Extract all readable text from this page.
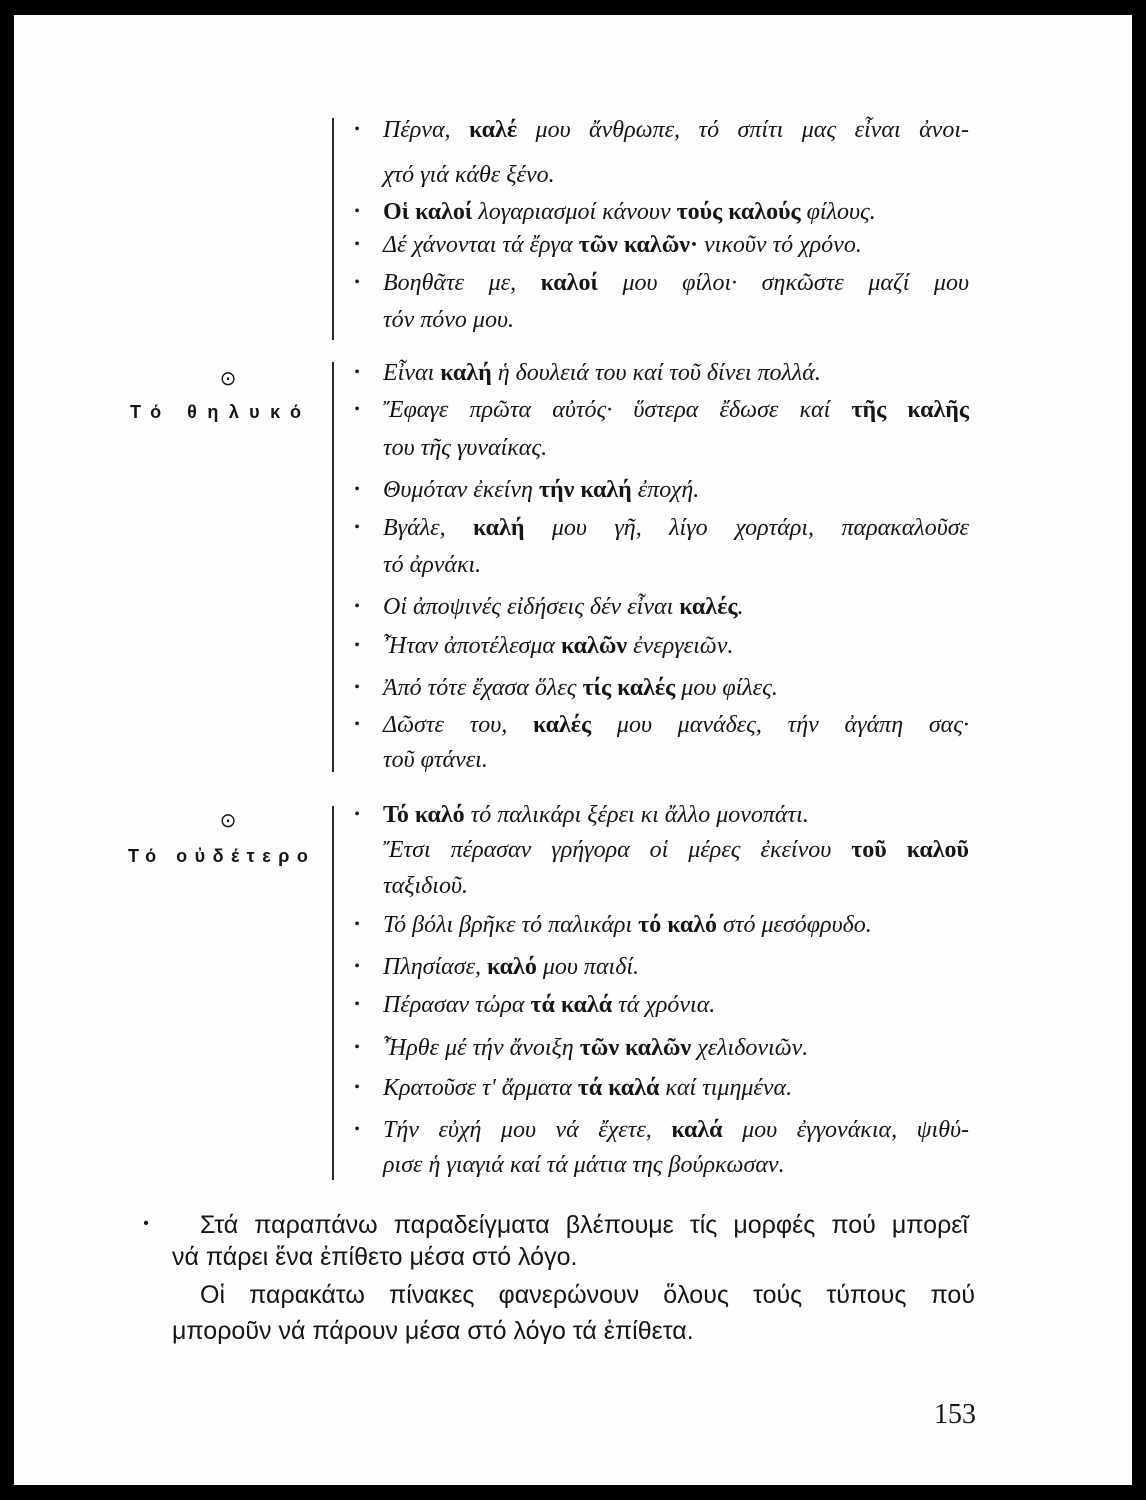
⊙
Τό θηλυκό
⊙
Τό οὐδέτερο
• Πέρνα, καλέ μου ἄνθρωπε, τό σπίτι μας εἶναι ἀνοι-
χτό γιά κάθε ξένο.
• Οἱ καλοί λογαριασμοί κάνουν τούς καλούς φίλους.
• Δέ χάνονται τά ἔργα τῶν καλῶν· νικοῦν τό χρόνο.
• Βοηθᾶτε με, καλοί μου φίλοι· σηκῶστε μαζί μου
τόν πόνο μου.
• Εἶναι καλή ἡ δουλειά του καί τοῦ δίνει πολλά.
• Ἔφαγε πρῶτα αὐτός· ὕστερα ἔδωσε καί τῆς καλῆς
του τῆς γυναίκας.
• Θυμόταν ἐκείνη τήν καλή ἐποχή.
• Βγάλε, καλή μου γῆ, λίγο χορτάρι, παρακαλοῦσε
τό ἀρνάκι.
• Οἱ ἀποψινές εἰδήσεις δέν εἶναι καλές.
• Ἦταν ἀποτέλεσμα καλῶν ἐνεργειῶν.
• Ἀπό τότε ἔχασα ὅλες τίς καλές μου φίλες.
• Δῶστε του, καλές μου μανάδες, τήν ἀγάπη σας·
τοῦ φτάνει.
• Τό καλό τό παλικάρι ξέρει κι ἄλλο μονοπάτι.
Ἔτσι πέρασαν γρήγορα οἱ μέρες ἐκείνου τοῦ καλοῦ
ταξιδιοῦ.
• Τό βόλι βρῆκε τό παλικάρι τό καλό στό μεσόφρυδο.
• Πλησίασε, καλό μου παιδί.
• Πέρασαν τώρα τά καλά τά χρόνια.
• Ἦρθε μέ τήν ἄνοιξη τῶν καλῶν χελιδονιῶν.
• Κρατοῦσε τ' ἄρματα τά καλά καί τιμημένα.
• Τήν εὐχή μου νά ἔχετε, καλά μου ἐγγονάκια, ψιθύ-
ρισε ἡ γιαγιά καί τά μάτια της βούρκωσαν.
• Στά παραπάνω παραδείγματα βλέπουμε τίς μορφές πού μπορεῖ
νά πάρει ἕνα ἐπίθετο μέσα στό λόγο.
Οἱ παρακάτω πίνακες φανερώνουν ὅλους τούς τύπους πού
μποροῦν νά πάρουν μέσα στό λόγο τά ἐπίθετα.
153
